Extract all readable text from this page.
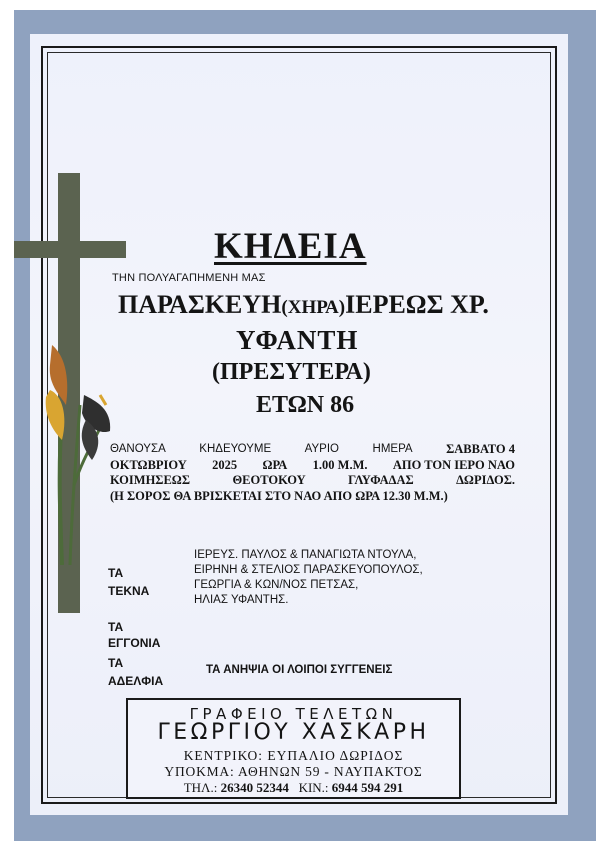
ΚΗΔΕΙΑ
ΤΗΝ ΠΟΛΥΑΓΑΠΗΜΕΝΗ ΜΑΣ
ΠΑΡΑΣΚΕΥΗ(ΧΗΡΑ)ΙΕΡΕΩΣ ΧΡ.
ΥΦΑΝΤΗ
(ΠΡΕΣΥΤΕΡΑ)
ΕΤΩΝ 86
ΘΑΝΟΥΣΑ	ΚΗΔΕΥΟΥΜΕ	ΑΥΡΙΟ	ΗΜΕΡΑ	ΣΑΒΒΑΤΟ 4
ΟΚΤΩΒΡΙΟΥ 2025 ΩΡΑ 1.00 Μ.Μ. ΑΠΟ ΤΟΝ ΙΕΡΟ ΝΑΟ
ΚΟΙΜΗΣΕΩΣ	ΘΕΟΤΟΚΟΥ	ΓΛΥΦΑΔΑΣ	ΔΩΡΙΔΟΣ.
(Η ΣΟΡΟΣ ΘΑ ΒΡΙΣΚΕΤΑΙ ΣΤΟ ΝΑΟ ΑΠΟ ΩΡΑ 12.30 Μ.Μ.)
ΤΑ
ΤΕΚΝΑ
ΙΕΡΕΥΣ. ΠΑΥΛΟΣ & ΠΑΝΑΓΙΩΤΑ ΝΤΟΥΛΑ,
ΕΙΡΗΝΗ & ΣΤΕΛΙΟΣ ΠΑΡΑΣΚΕΥΟΠΟΥΛΟΣ,
ΓΕΩΡΓΙΑ & ΚΩΝ/ΝΟΣ ΠΕΤΣΑΣ,
ΗΛΙΑΣ ΥΦΑΝΤΗΣ.
ΤΑ
ΕΓΓΟΝΙΑ
ΤΑ
ΑΔΕΛΦΙΑ
ΤΑ ΑΝΗΨΙΑ ΟΙ ΛΟΙΠΟΙ ΣΥΓΓΕΝΕΙΣ
ΓΡΑΦΕΙΟ ΤΕΛΕΤΩΝ
ΓΕΩΡΓΙΟΥ ΧΑΣΚΑΡΗ
ΚΕΝΤΡΙΚΟ: ΕΥΠΑΛΙΟ ΔΩΡΙΔΟΣ
ΥΠΟΚΜΑ: ΑΘΗΝΩΝ 59 - ΝΑΥΠΑΚΤΟΣ
ΤΗΛ.: 26340 52344 ΚΙΝ.: 6944 594 291
